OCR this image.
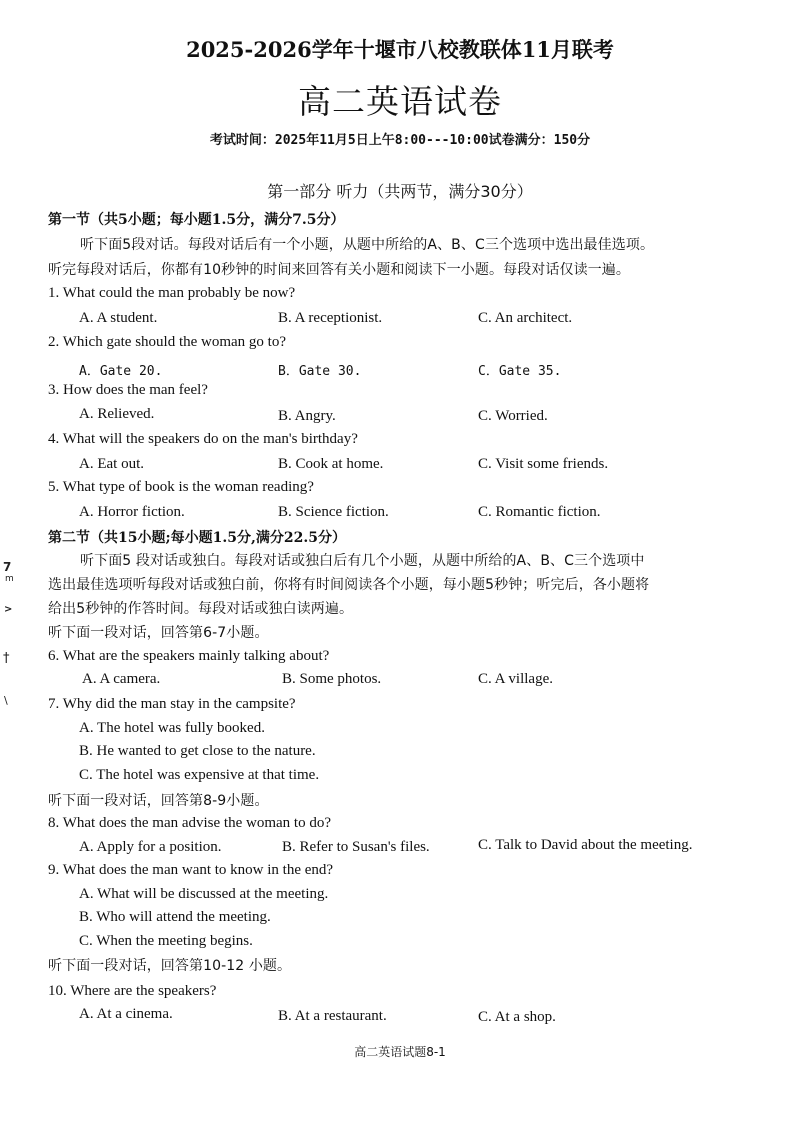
2025-2026学年十堰市八校教联体11月联考
高二英语试卷
考试时间：2025年11月5日上午8:00---10:00试卷满分：150分
第一部分 听力（共两节，满分30分）
第一节（共5小题；每小题1.5分，满分7.5分）
听下面5段对话。每段对话后有一个小题，从题中所给的A、B、C三个选项中选出最佳选项。
听完每段对话后，你都有10秒钟的时间来回答有关小题和阅读下一小题。每段对话仅读一遍。
1. What could the man probably be now?
A. A student.	B. A receptionist.	C. An architect.
2. Which gate should the woman go to?
A．Gate 20.	B．Gate 30.	C．Gate 35.
3. How does the man feel?
A. Relieved.	B. Angry.	C. Worried.
4. What will the speakers do on the man's birthday?
A. Eat out.	B. Cook at home.	C. Visit some friends.
5. What type of book is the woman reading?
A. Horror fiction.	B. Science fiction.	C. Romantic fiction.
第二节（共15小题;每小题1.5分,满分22.5分）
听下面5 段对话或独白。每段对话或独白后有几个小题，从题中所给的A、B、C三个选项中
选出最佳选项听每段对话或独白前，你将有时间阅读各个小题，每小题5秒钟；听完后，各小题将
给出5秒钟的作答时间。每段对话或独白读两遍。
听下面一段对话，回答第6-7小题。
6. What are the speakers mainly talking about?
A. A camera.	B. Some photos.	C. A village.
7. Why did the man stay in the campsite?
A. The hotel was fully booked.
B. He wanted to get close to the nature.
C. The hotel was expensive at that time.
听下面一段对话，回答第8-9小题。
8. What does the man advise the woman to do?
A. Apply for a position.	B. Refer to Susan's files.	C. Talk to David about the meeting.
9. What does the man want to know in the end?
A. What will be discussed at the meeting.
B. Who will attend the meeting.
C. When the meeting begins.
听下面一段对话，回答第10-12 小题。
10. Where are the speakers?
A. At a cinema.	B. At a restaurant.	C. At a shop.
7
m
>
†
\
高二英语试题8-1
